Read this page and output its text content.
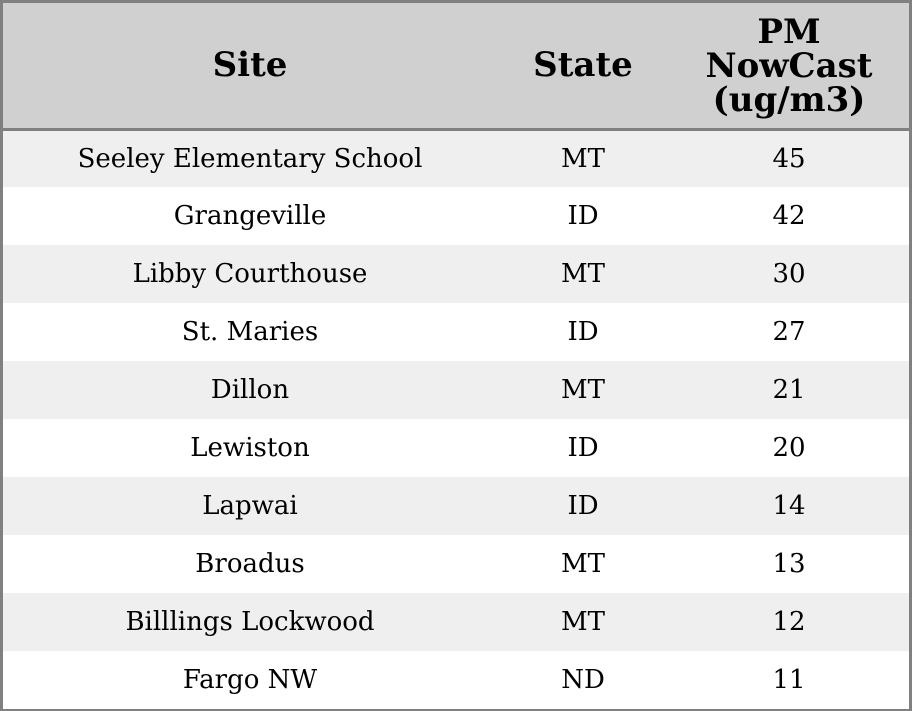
Site	State	PM
NowCast
(ug/m3)
Seeley Elementary School	MT	45
Grangeville	ID	42
Libby Courthouse	MT	30
St. Maries	ID	27
Dillon	MT	21
Lewiston	ID	20
Lapwai	ID	14
Broadus	MT	13
Billlings Lockwood	MT	12
Fargo NW	ND	11
